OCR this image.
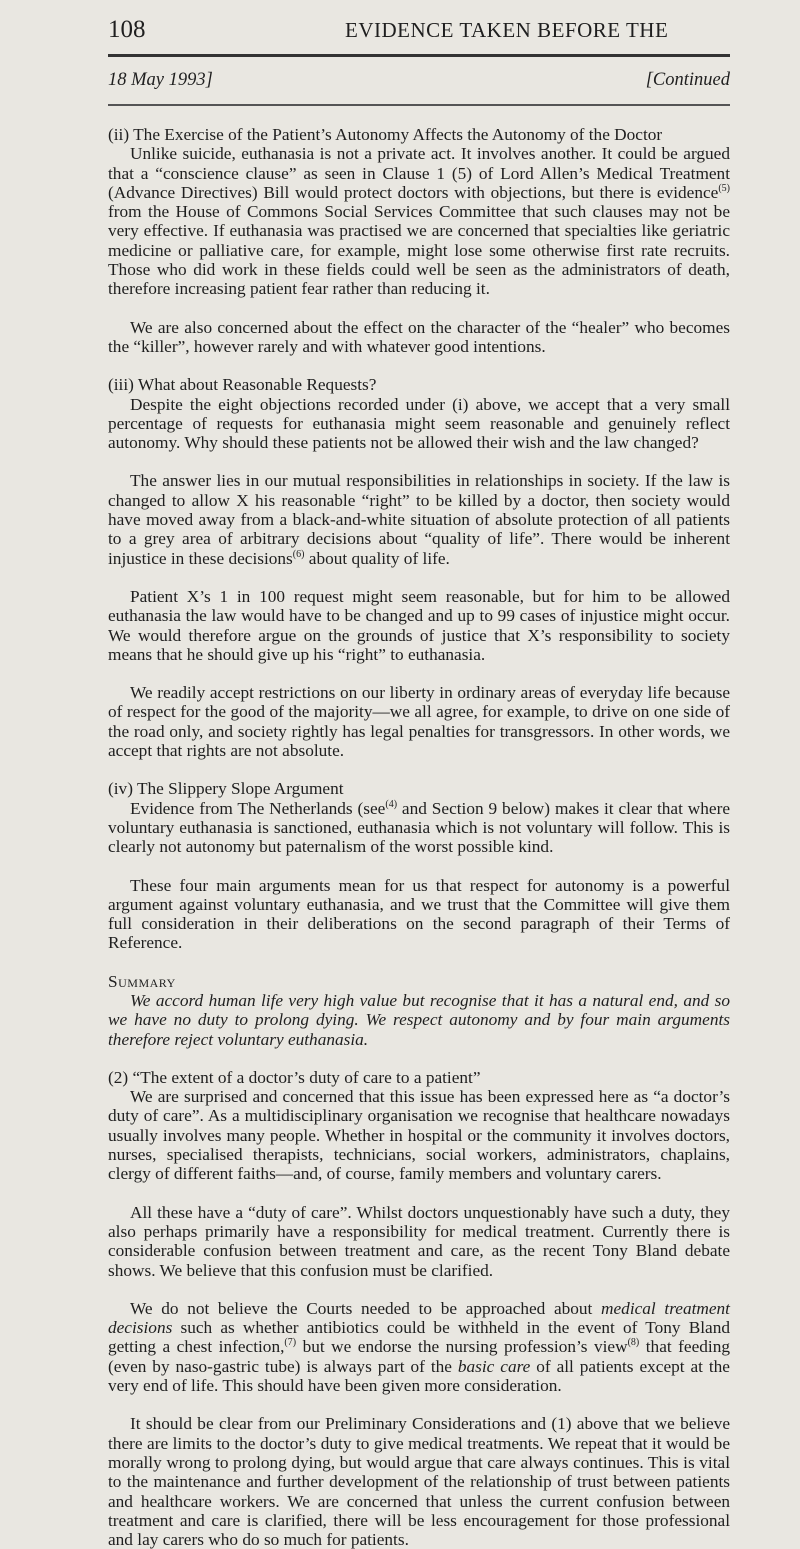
108	EVIDENCE TAKEN BEFORE THE
18 May 1993]	[Continued

(ii) The Exercise of the Patient’s Autonomy Affects the Autonomy of the Doctor

Unlike suicide, euthanasia is not a private act. It involves another. It could be argued that a “conscience clause” as seen in Clause 1 (5) of Lord Allen’s Medical Treatment (Advance Directives) Bill would protect doctors with objections, but there is evidence$^{(5)}$ from the House of Commons Social Services Committee that such clauses may not be very effective. If euthanasia was practised we are concerned that specialties like geriatric medicine or palliative care, for example, might lose some otherwise first rate recruits. Those who did work in these fields could well be seen as the administrators of death, therefore increasing patient fear rather than reducing it.

We are also concerned about the effect on the character of the “healer” who becomes the “killer”, however rarely and with whatever good intentions.

(iii) What about Reasonable Requests?

Despite the eight objections recorded under (i) above, we accept that a very small percentage of requests for euthanasia might seem reasonable and genuinely reflect autonomy. Why should these patients not be allowed their wish and the law changed?

The answer lies in our mutual responsibilities in relationships in society. If the law is changed to allow X his reasonable “right” to be killed by a doctor, then society would have moved away from a black-and-white situation of absolute protection of all patients to a grey area of arbitrary decisions about “quality of life”. There would be inherent injustice in these decisions$^{(6)}$ about quality of life.

Patient X’s 1 in 100 request might seem reasonable, but for him to be allowed euthanasia the law would have to be changed and up to 99 cases of injustice might occur. We would therefore argue on the grounds of justice that X’s responsibility to society means that he should give up his “right” to euthanasia.

We readily accept restrictions on our liberty in ordinary areas of everyday life because of respect for the good of the majority—we all agree, for example, to drive on one side of the road only, and society rightly has legal penalties for transgressors. In other words, we accept that rights are not absolute.

(iv) The Slippery Slope Argument

Evidence from The Netherlands (see$^{(4)}$ and Section 9 below) makes it clear that where voluntary euthanasia is sanctioned, euthanasia which is not voluntary will follow. This is clearly not autonomy but paternalism of the worst possible kind.

These four main arguments mean for us that respect for autonomy is a powerful argument against voluntary euthanasia, and we trust that the Committee will give them full consideration in their deliberations on the second paragraph of their Terms of Reference.

Summary

We accord human life very high value but recognise that it has a natural end, and so we have no duty to prolong dying. We respect autonomy and by four main arguments therefore reject voluntary euthanasia.

(2) “The extent of a doctor’s duty of care to a patient”

We are surprised and concerned that this issue has been expressed here as “a doctor’s duty of care”. As a multidisciplinary organisation we recognise that healthcare nowadays usually involves many people. Whether in hospital or the community it involves doctors, nurses, specialised therapists, technicians, social workers, administrators, chaplains, clergy of different faiths—and, of course, family members and voluntary carers.

All these have a “duty of care”. Whilst doctors unquestionably have such a duty, they also perhaps primarily have a responsibility for medical treatment. Currently there is considerable confusion between treatment and care, as the recent Tony Bland debate shows. We believe that this confusion must be clarified.

We do not believe the Courts needed to be approached about medical treatment decisions such as whether antibiotics could be withheld in the event of Tony Bland getting a chest infection,$^{(7)}$ but we endorse the nursing profession’s view$^{(8)}$ that feeding (even by naso-gastric tube) is always part of the basic care of all patients except at the very end of life. This should have been given more consideration.

It should be clear from our Preliminary Considerations and (1) above that we believe there are limits to the doctor’s duty to give medical treatments. We repeat that it would be morally wrong to prolong dying, but would argue that care always continues. This is vital to the maintenance and further development of the relationship of trust between patients and healthcare workers. We are concerned that unless the current confusion between treatment and care is clarified, there will be less encouragement for those professional and lay carers who do so much for patients.
